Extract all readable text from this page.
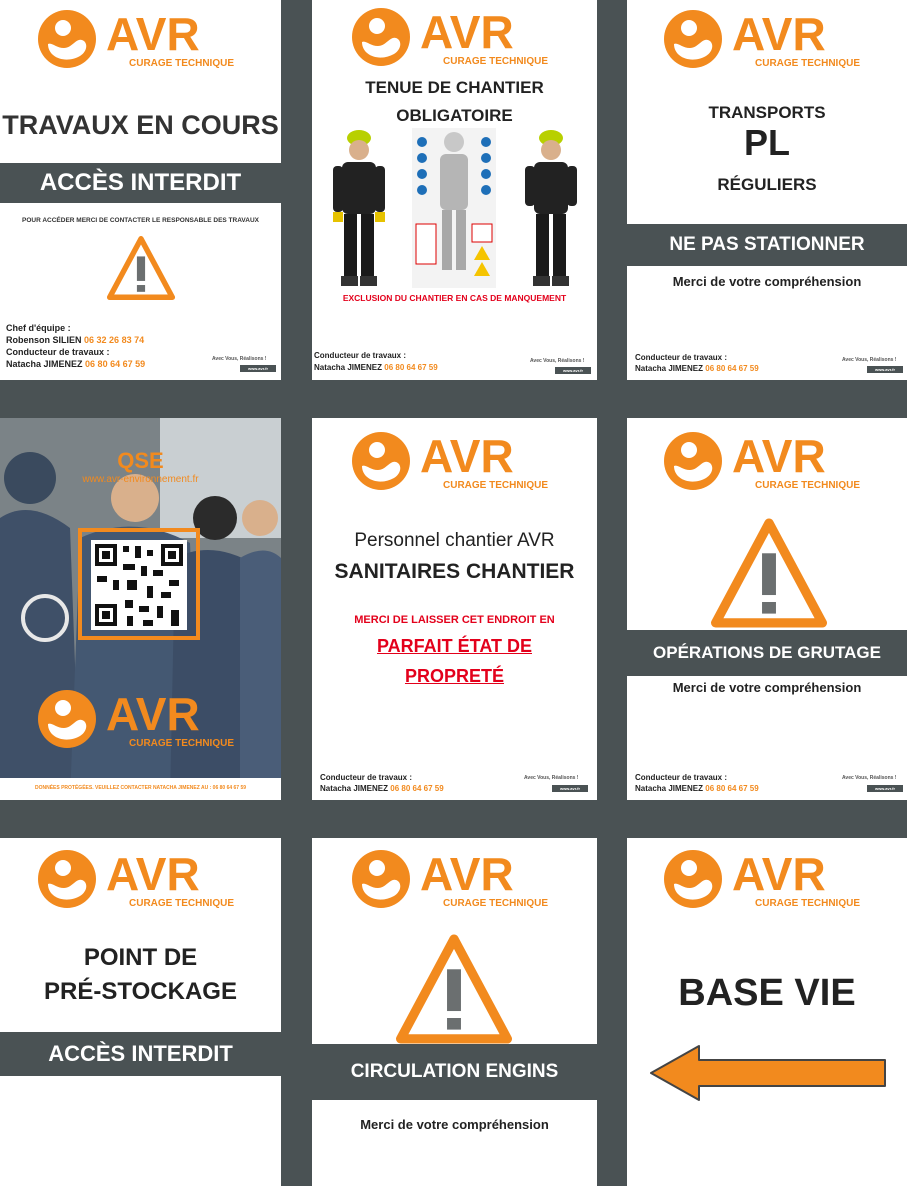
TRAVAUX EN COURS
ACCÈS INTERDIT
POUR ACCÉDER MERCI DE CONTACTER LE RESPONSABLE DES TRAVAUX
Chef d'équipe :
Robenson SILIEN 06 32 26 83 74
Conducteur de travaux :
Natacha JIMENEZ 06 80 64 67 59	Avec Vous, Réalisons !
www.avr.fr
TENUE DE CHANTIER
OBLIGATOIRE
EXCLUSION DU CHANTIER EN CAS DE MANQUEMENT
Conducteur de travaux :
Natacha JIMENEZ 06 80 64 67 59
Avec Vous, Réalisons !
www.avr.fr
TRANSPORTS
PL
RÉGULIERS
NE PAS STATIONNER
Merci de votre compréhension
Conducteur de travaux :
Natacha JIMENEZ 06 80 64 67 59
Avec Vous, Réalisons !
www.avr.fr
QSE
www.avr-environnement.fr
DONNÉES PROTÉGÉES. VEUILLEZ CONTACTER NATACHA JIMENEZ AU : 06 80 64 67 59
Personnel chantier AVR
SANITAIRES CHANTIER
MERCI DE LAISSER CET ENDROIT EN
PARFAIT ÉTAT DE
PROPRETÉ
Conducteur de travaux :
Natacha JIMENEZ 06 80 64 67 59
Avec Vous, Réalisons !
www.avr.fr
OPÉRATIONS DE GRUTAGE
Merci de votre compréhension
Conducteur de travaux :
Natacha JIMENEZ 06 80 64 67 59
Avec Vous, Réalisons !
www.avr.fr
POINT DE
PRÉ-STOCKAGE
ACCÈS INTERDIT
CIRCULATION ENGINS
Merci de votre compréhension
BASE VIE
